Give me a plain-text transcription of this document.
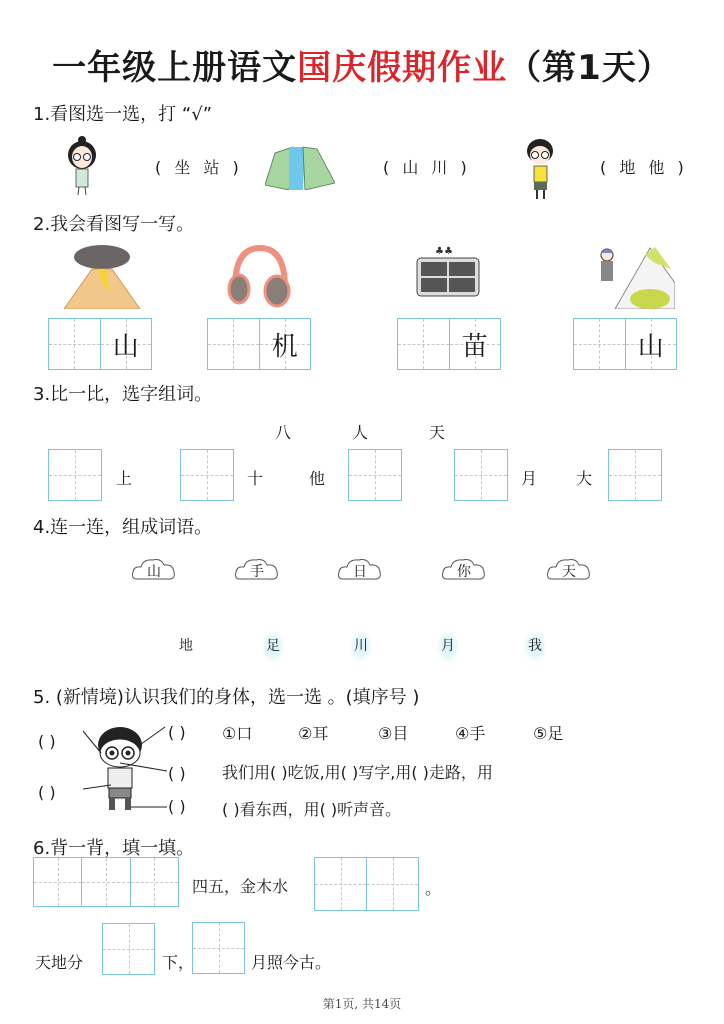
一年级上册语文国庆假期作业（第1天）
1.看图选一选，打 “√”
( 坐 站 )	( 山 川 )	( 地 他 )
2.我会看图写一写。
山	机
♣♣
苗	山
3.比一比，选字组词。
八	人	天
上	十	他	月 大
4.连一连，组成词语。
山	手	日	你	天
地	足	川	月	我
5. (新情境)认识我们的身体，选一选 。(填序号 )
( )
( )
( )
( )
( )
①口	②耳	③目	④手	⑤足
我们用( )吃饭,用( )写字,用( )走路，用
( )看东西，用( )听声音。
6.背一背，填一填。
四五，金木水	。
天地分	下，	月照今古。
第1页, 共14页
